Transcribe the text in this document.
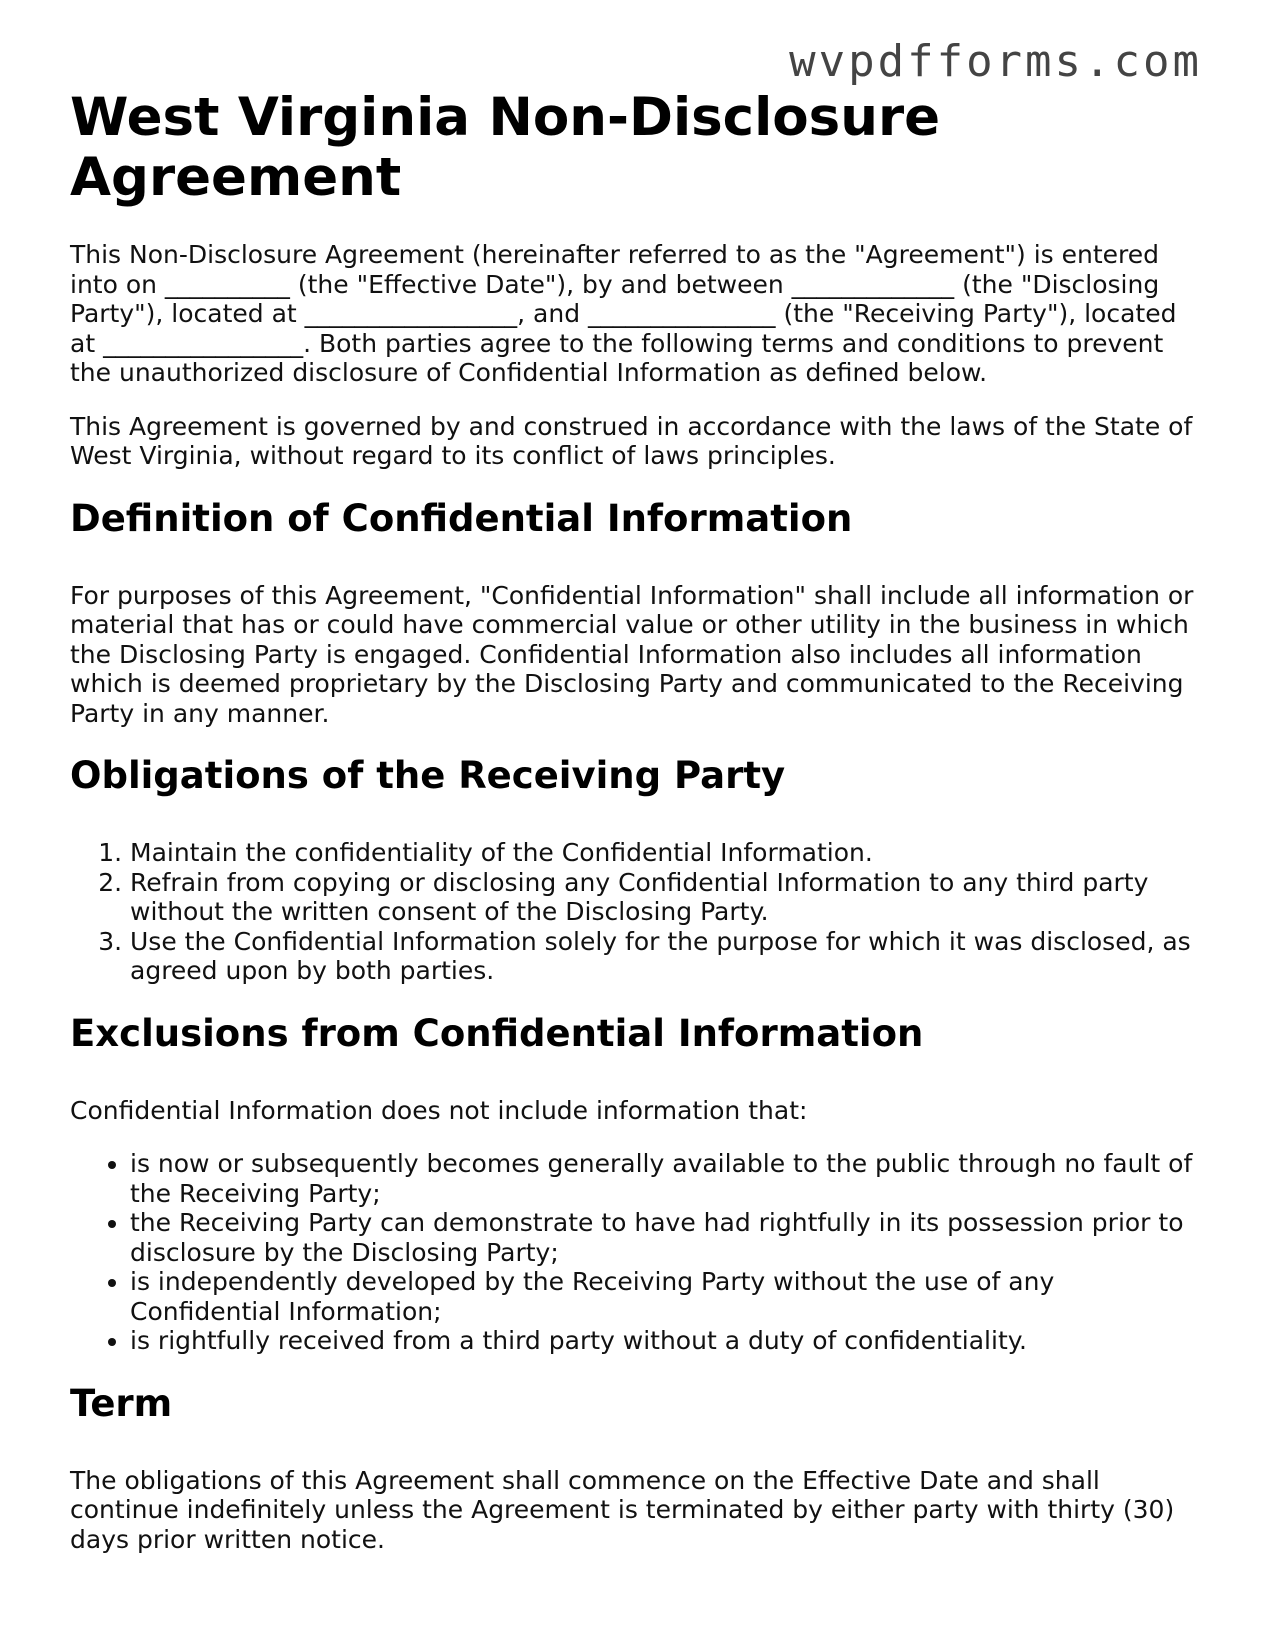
wvpdfforms.com
West Virginia Non-Disclosure Agreement

This Non-Disclosure Agreement (hereinafter referred to as the "Agreement") is entered into on __________ (the "Effective Date"), by and between _____________ (the "Disclosing Party"), located at _________________, and _______________ (the "Receiving Party"), located at ________________. Both parties agree to the following terms and conditions to prevent the unauthorized disclosure of Confidential Information as defined below.

This Agreement is governed by and construed in accordance with the laws of the State of West Virginia, without regard to its conflict of laws principles.

Definition of Confidential Information

For purposes of this Agreement, "Confidential Information" shall include all information or material that has or could have commercial value or other utility in the business in which the Disclosing Party is engaged. Confidential Information also includes all information which is deemed proprietary by the Disclosing Party and communicated to the Receiving Party in any manner.

Obligations of the Receiving Party
1. Maintain the confidentiality of the Confidential Information.
2. Refrain from copying or disclosing any Confidential Information to any third party without the written consent of the Disclosing Party.
3. Use the Confidential Information solely for the purpose for which it was disclosed, as agreed upon by both parties.
Exclusions from Confidential Information

Confidential Information does not include information that:

• is now or subsequently becomes generally available to the public through no fault of the Receiving Party;
• the Receiving Party can demonstrate to have had rightfully in its possession prior to disclosure by the Disclosing Party;
• is independently developed by the Receiving Party without the use of any Confidential Information;
• is rightfully received from a third party without a duty of confidentiality.
Term

The obligations of this Agreement shall commence on the Effective Date and shall continue indefinitely unless the Agreement is terminated by either party with thirty (30) days prior written notice.
